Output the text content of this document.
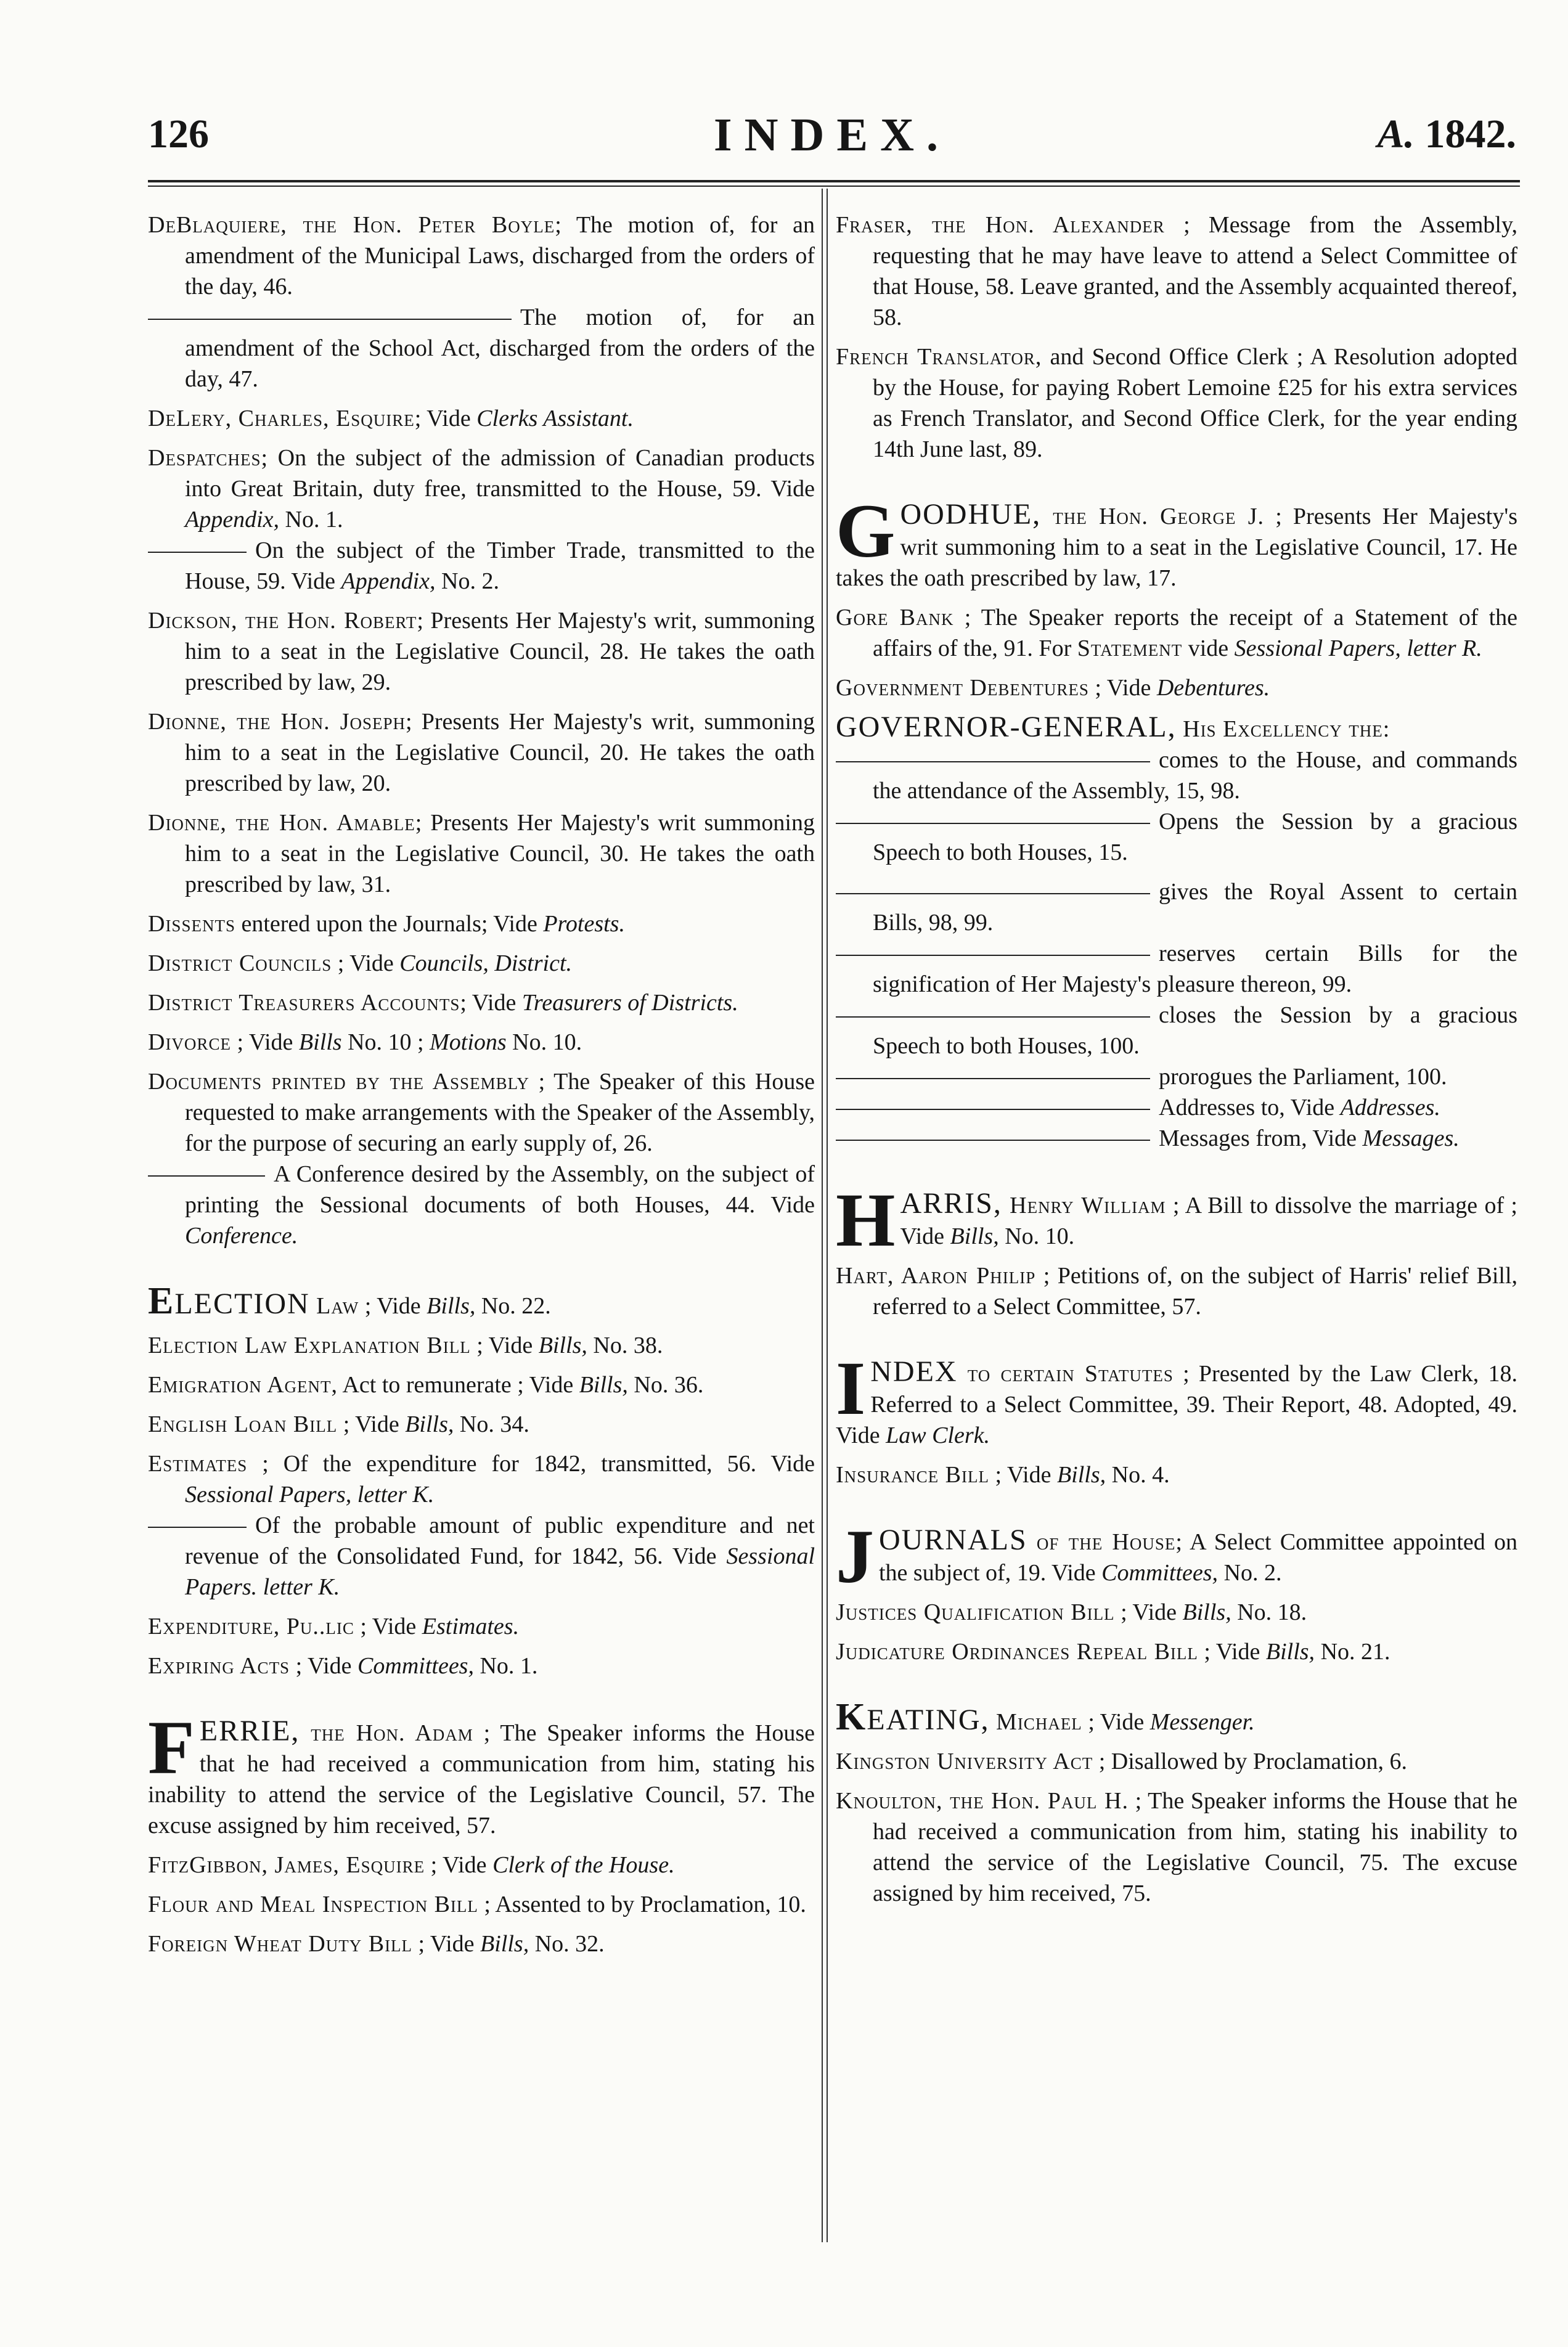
126	INDEX.	A. 1842.
DeBlaquiere, the Hon. Peter Boyle; The motion of, for an amendment of the Municipal Laws, discharged from the orders of the day, 46.
The motion of, for an amendment of the School Act, discharged from the orders of the day, 47.
DeLery, Charles, Esquire; Vide Clerks Assistant.
Despatches; On the subject of the admission of Canadian products into Great Britain, duty free, transmitted to the House, 59. Vide Appendix, No. 1.
On the subject of the Timber Trade, transmitted to the House, 59. Vide Appendix, No. 2.
Dickson, the Hon. Robert; Presents Her Majesty's writ, summoning him to a seat in the Legislative Council, 28. He takes the oath prescribed by law, 29.
Dionne, the Hon. Joseph; Presents Her Majesty's writ, summoning him to a seat in the Legislative Council, 20. He takes the oath prescribed by law, 20.
Dionne, the Hon. Amable; Presents Her Majesty's writ summoning him to a seat in the Legislative Council, 30. He takes the oath prescribed by law, 31.
Dissents entered upon the Journals; Vide Protests.
District Councils ; Vide Councils, District.
District Treasurers Accounts; Vide Treasurers of Districts.
Divorce ; Vide Bills No. 10 ; Motions No. 10.
Documents printed by the Assembly ; The Speaker of this House requested to make arrangements with the Speaker of the Assembly, for the purpose of securing an early supply of, 26.
A Conference desired by the Assembly, on the subject of printing the Sessional documents of both Houses, 44. Vide Conference.
ELECTION Law ; Vide Bills, No. 22.
Election Law Explanation Bill ; Vide Bills, No. 38.
Emigration Agent, Act to remunerate ; Vide Bills, No. 36.
English Loan Bill ; Vide Bills, No. 34.
Estimates ; Of the expenditure for 1842, transmitted, 56. Vide Sessional Papers, letter K.
Of the probable amount of public expenditure and net revenue of the Consolidated Fund, for 1842, 56. Vide Sessional Papers. letter K.
Expenditure, Pu..lic ; Vide Estimates.
Expiring Acts ; Vide Committees, No. 1.
FERRIE, the Hon. Adam ; The Speaker informs the House that he had received a communication from him, stating his inability to attend the service of the Legislative Council, 57. The excuse assigned by him received, 57.
FitzGibbon, James, Esquire ; Vide Clerk of the House.
Flour and Meal Inspection Bill ; Assented to by Proclamation, 10.
Foreign Wheat Duty Bill ; Vide Bills, No. 32.
Fraser, the Hon. Alexander ; Message from the Assembly, requesting that he may have leave to attend a Select Committee of that House, 58. Leave granted, and the Assembly acquainted thereof, 58.
French Translator, and Second Office Clerk ; A Resolution adopted by the House, for paying Robert Lemoine £25 for his extra services as French Translator, and Second Office Clerk, for the year ending 14th June last, 89.
GOODHUE, the Hon. George J. ; Presents Her Majesty's writ summoning him to a seat in the Legislative Council, 17. He takes the oath prescribed by law, 17.
Gore Bank ; The Speaker reports the receipt of a Statement of the affairs of the, 91. For Statement vide Sessional Papers, letter R.
Government Debentures ; Vide Debentures.
GOVERNOR-GENERAL, His Excellency the:
comes to the House, and commands the attendance of the Assembly, 15, 98.
Opens the Session by a gracious Speech to both Houses, 15.
gives the Royal Assent to certain Bills, 98, 99.
reserves certain Bills for the signification of Her Majesty's pleasure thereon, 99.
closes the Session by a gracious Speech to both Houses, 100.
prorogues the Parliament, 100.
Addresses to, Vide Addresses.
Messages from, Vide Messages.
HARRIS, Henry William ; A Bill to dissolve the marriage of ; Vide Bills, No. 10.
Hart, Aaron Philip ; Petitions of, on the subject of Harris' relief Bill, referred to a Select Committee, 57.
INDEX to certain Statutes ; Presented by the Law Clerk, 18. Referred to a Select Committee, 39. Their Report, 48. Adopted, 49. Vide Law Clerk.
Insurance Bill ; Vide Bills, No. 4.
JOURNALS of the House; A Select Committee appointed on the subject of, 19. Vide Committees, No. 2.
Justices Qualification Bill ; Vide Bills, No. 18.
Judicature Ordinances Repeal Bill ; Vide Bills, No. 21.
KEATING, Michael ; Vide Messenger.
Kingston University Act ; Disallowed by Proclamation, 6.
Knoulton, the Hon. Paul H. ; The Speaker informs the House that he had received a communication from him, stating his inability to attend the service of the Legislative Council, 75. The excuse assigned by him received, 75.
